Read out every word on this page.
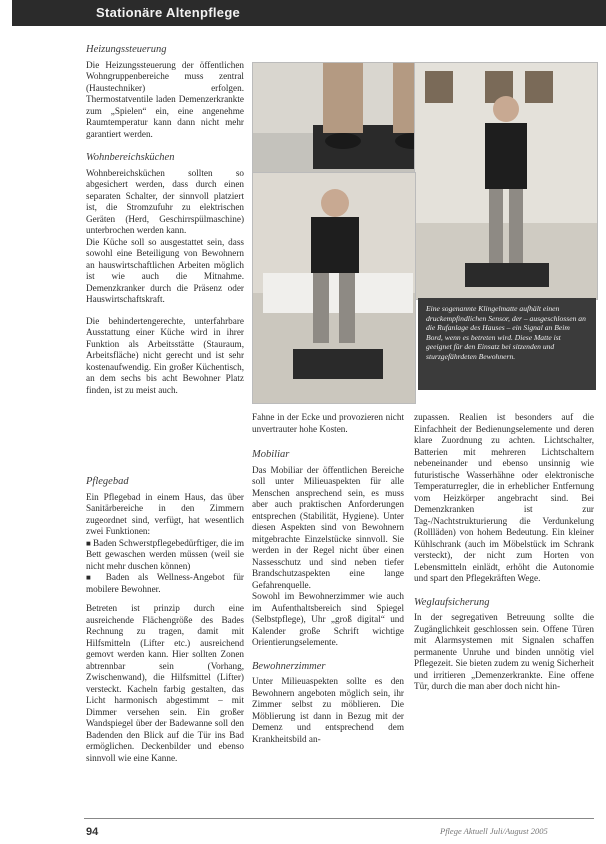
Stationäre Altenpflege

Heizungssteuerung

Die Heizungssteuerung der öffentlichen Wohngruppenbereiche muss zentral (Haustechniker) erfolgen. Thermostatventile laden Demenzerkrankte zum „Spielen“ ein, eine angenehme Raumtemperatur kann dann nicht mehr garantiert werden.

Wohnbereichsküchen

Wohnbereichsküchen sollten so abgesichert werden, dass durch einen separaten Schalter, der sinnvoll platziert ist, die Stromzufuhr zu elektrischen Geräten (Herd, Geschirrspülmaschine) unterbrochen werden kann.

Die Küche soll so ausgestattet sein, dass sowohl eine Beteiligung von Bewohnern an hauswirtschaftlichen Arbeiten möglich ist wie auch die Mitnahme. Demenzkranker durch die Präsenz oder Hauswirtschaftskraft.

Die behindertengerechte, unterfahrbare Ausstattung einer Küche wird in ihrer Funktion als Arbeitsstätte (Stauraum, Arbeitsfläche) nicht gerecht und ist sehr kostenaufwendig. Ein großer Küchentisch, an dem sechs bis acht Bewohner Platz finden, ist zu meist auch.

Pflegebad

Ein Pflegebad in einem Haus, das über Sanitärbereiche in den Zimmern zugeordnet sind, verfügt, hat wesentlich zwei Funktionen:

■ Baden Schwerstpflegebedürftiger, die im Bett gewaschen werden müssen (weil sie nicht mehr duschen können)

■ Baden als Wellness-Angebot für mobilere Bewohner.

Betreten ist prinzip durch eine ausreichende Flächengröße des Bades Rechnung zu tragen, damit mit Hilfsmitteln (Lifter etc.) ausreichend gemovt werden kann. Hier sollten Zonen abtrennbar sein (Vorhang, Zwischenwand), die Hilfsmittel (Lifter) versteckt. Kacheln farbig gestalten, das Licht harmonisch abgestimmt – mit Dimmer versehen sein. Ein großer Wandspiegel über der Badewanne soll den Badenden den Blick auf die Tür ins Bad ermöglichen. Deckenbilder und ebenso sinnvoll wie eine Kanne.

Eine sogenannte Klingelmatte aufhält einen druckempfindlichen Sensor, der – ausgeschlossen an die Rufanlage des Hauses – ein Signal an Beim Bord, wenn es betreten wird. Diese Matte ist geeignet für den Einsatz bei sitzenden und sturzgefährdeten Bewohnern.

Fahne in der Ecke und provozieren nicht unvertrauter hohe Kosten.

Mobiliar

Das Mobiliar der öffentlichen Bereiche soll unter Milieuaspekten für alle Menschen ansprechend sein, es muss aber auch praktischen Anforderungen entsprechen (Stabilität, Hygiene). Unter diesen Aspekten sind von Bewohnern mitgebrachte Einzelstücke sinnvoll. Sie werden in der Regel nicht über einen Nassesschutz und sind neben tiefer Brandschutzaspekten eine lange Gefahrenquelle.

Sowohl im Bewohnerzimmer wie auch im Aufenthaltsbereich sind Spiegel (Selbstpflege), Uhr „groß digital“ und Kalender große Schrift wichtige Orientierungselemente.

Bewohnerzimmer

Unter Milieuaspekten sollte es den Bewohnern angeboten möglich sein, ihr Zimmer selbst zu möblieren. Die Möblierung ist dann in Bezug mit der Demenz und entsprechend dem Krankheitsbild an-

zupassen. Realien ist besonders auf die Einfachheit der Bedienungselemente und deren klare Zuordnung zu achten. Lichtschalter, Batterien mit mehreren Lichtschaltern nebeneinander und ebenso unsinnig wie futuristische Wasserhähne oder elektronische Temperaturregler, die in erheblicher Entfernung vom Heizkörper angebracht sind. Bei Demenzkranken ist zur Tag-/Nachtstrukturierung die Verdunkelung (Rollläden) von hohem Bedeutung. Ein kleiner Kühlschrank (auch im Möbelstück im Schrank versteckt), der nicht zum Horten von Lebensmitteln einlädt, erhöht die Autonomie und spart den Pflegekräften Wege.

Weglaufsicherung

In der segregativen Betreuung sollte die Zugänglichkeit geschlossen sein. Offene Türen mit Alarmsystemen mit Signalen schaffen permanente Unruhe und binden unnötig viel Pflegezeit. Sie bieten zudem zu wenig Sicherheit und irritieren „Demenzerkrankte. Eine offene Tür, durch die man aber doch nicht hin-

94	Pflege Aktuell Juli/August 2005
